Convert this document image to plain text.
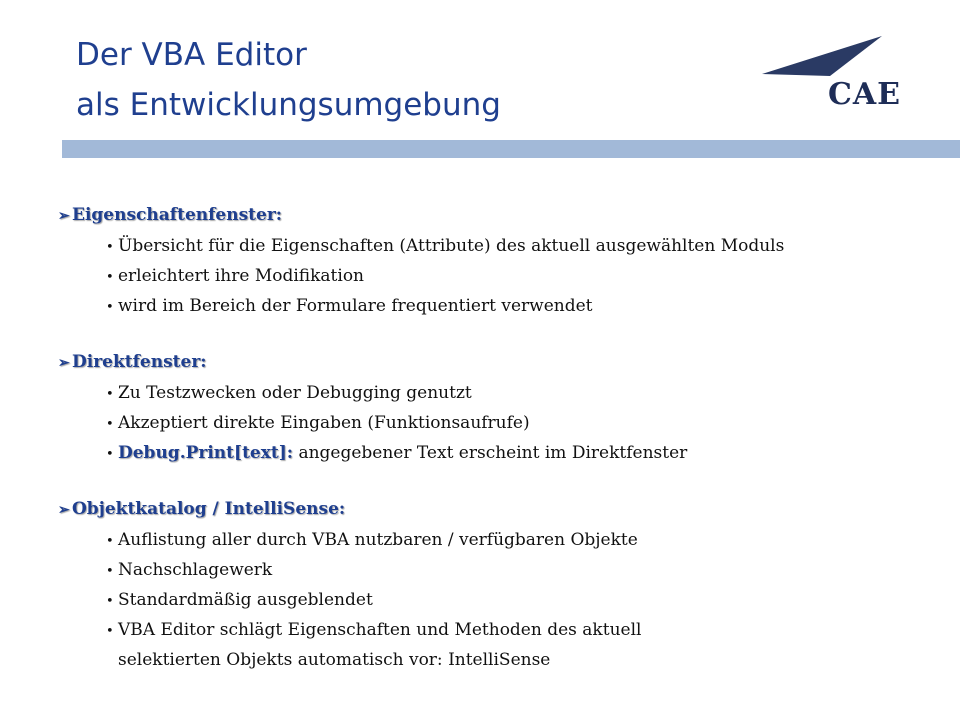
Der VBA Editor
als Entwicklungsumgebung	CAE
➢ Eigenschaftenfenster:
• Übersicht für die Eigenschaften (Attribute) des aktuell ausgewählten Moduls
• erleichtert ihre Modifikation
• wird im Bereich der Formulare frequentiert verwendet
➢ Direktfenster:
• Zu Testzwecken oder Debugging genutzt
• Akzeptiert direkte Eingaben (Funktionsaufrufe)
• Debug.Print[text]: angegebener Text erscheint im Direktfenster
➢ Objektkatalog / IntelliSense:
• Auflistung aller durch VBA nutzbaren / verfügbaren Objekte
• Nachschlagewerk
• Standardmäßig ausgeblendet
• VBA Editor schlägt Eigenschaften und Methoden des aktuell
selektierten Objekts automatisch vor: IntelliSense
